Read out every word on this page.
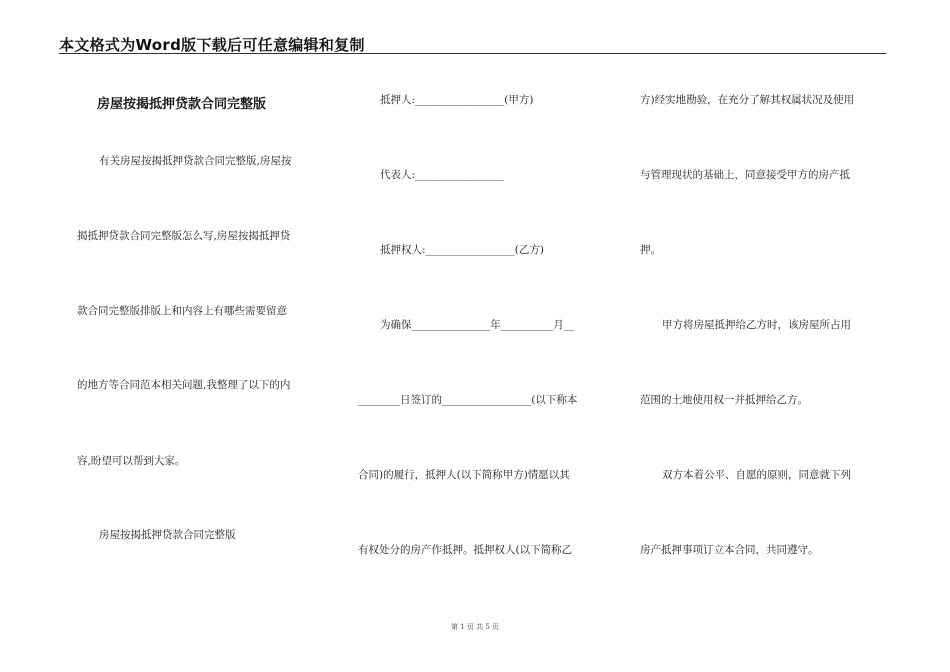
本文格式为Word版下载后可任意编辑和复制
房屋按揭抵押贷款合同完整版
有关房屋按揭抵押贷款合同完整版,房屋按
揭抵押贷款合同完整版怎么写,房屋按揭抵押贷
款合同完整版排版上和内容上有哪些需要留意
的地方等合同范本相关问题,我整理了以下的内
容,盼望可以帮到大家。
房屋按揭抵押贷款合同完整版
抵押人:_________________(甲方)
代表人:_________________
抵押权人:_________________(乙方)
为确保_______________年__________月__
________日签订的_________________(以下称本
合同)的履行，抵押人(以下简称甲方)情愿以其
有权处分的房产作抵押。抵押权人(以下简称乙
方)经实地勘验，在充分了解其权属状况及使用
与管理现状的基础上，同意接受甲方的房产抵
押。
甲方将房屋抵押给乙方时，该房屋所占用
范围的土地使用权一并抵押给乙方。
双方本着公平、自愿的原则，同意就下列
房产抵押事项订立本合同，共同遵守。
第 1 页 共 5 页
